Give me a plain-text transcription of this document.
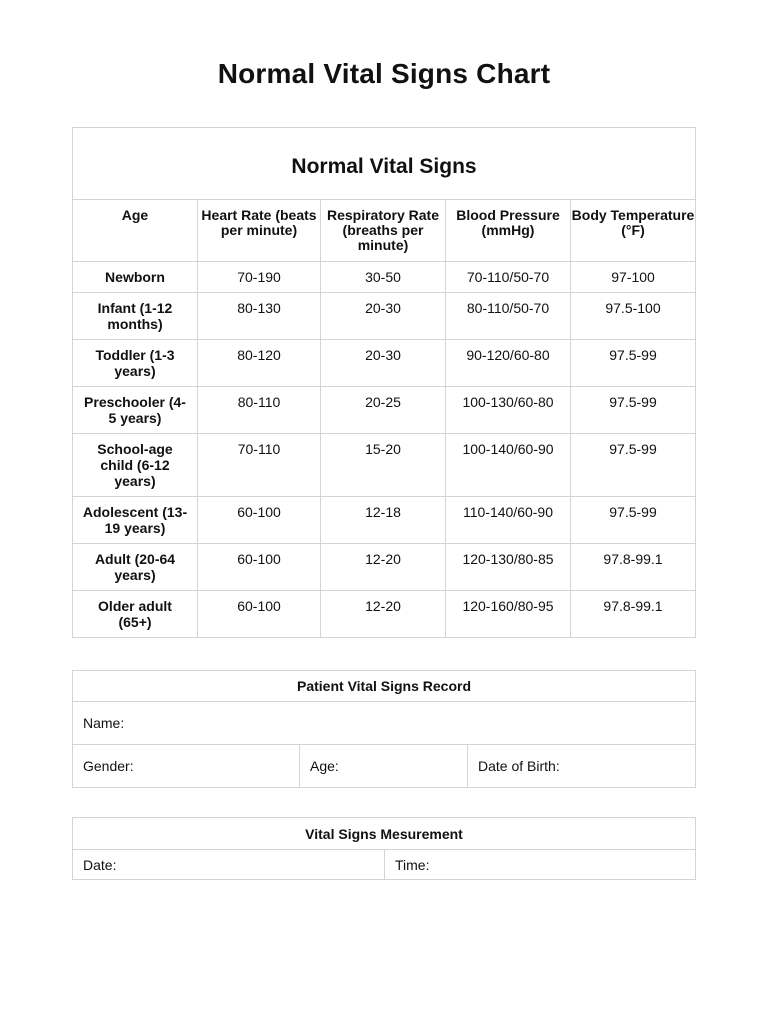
Normal Vital Signs Chart
Normal Vital Signs				
Age	Heart Rate (beats per minute)	Respiratory Rate (breaths per minute)	Blood Pressure (mmHg)	Body Temperature (°F)
Newborn	70-190	30-50	70-110/50-70	97-100
Infant (1-12 months)	80-130	20-30	80-110/50-70	97.5-100
Toddler (1-3 years)	80-120	20-30	90-120/60-80	97.5-99
Preschooler (4-5 years)	80-110	20-25	100-130/60-80	97.5-99
School-age child (6-12 years)	70-110	15-20	100-140/60-90	97.5-99
Adolescent (13-19 years)	60-100	12-18	110-140/60-90	97.5-99
Adult (20-64 years)	60-100	12-20	120-130/80-85	97.8-99.1
Older adult (65+)	60-100	12-20	120-160/80-95	97.8-99.1
Patient Vital Signs Record
Name:
Gender:	Age:	Date of Birth:
Vital Signs Mesurement
Date:	Time:
